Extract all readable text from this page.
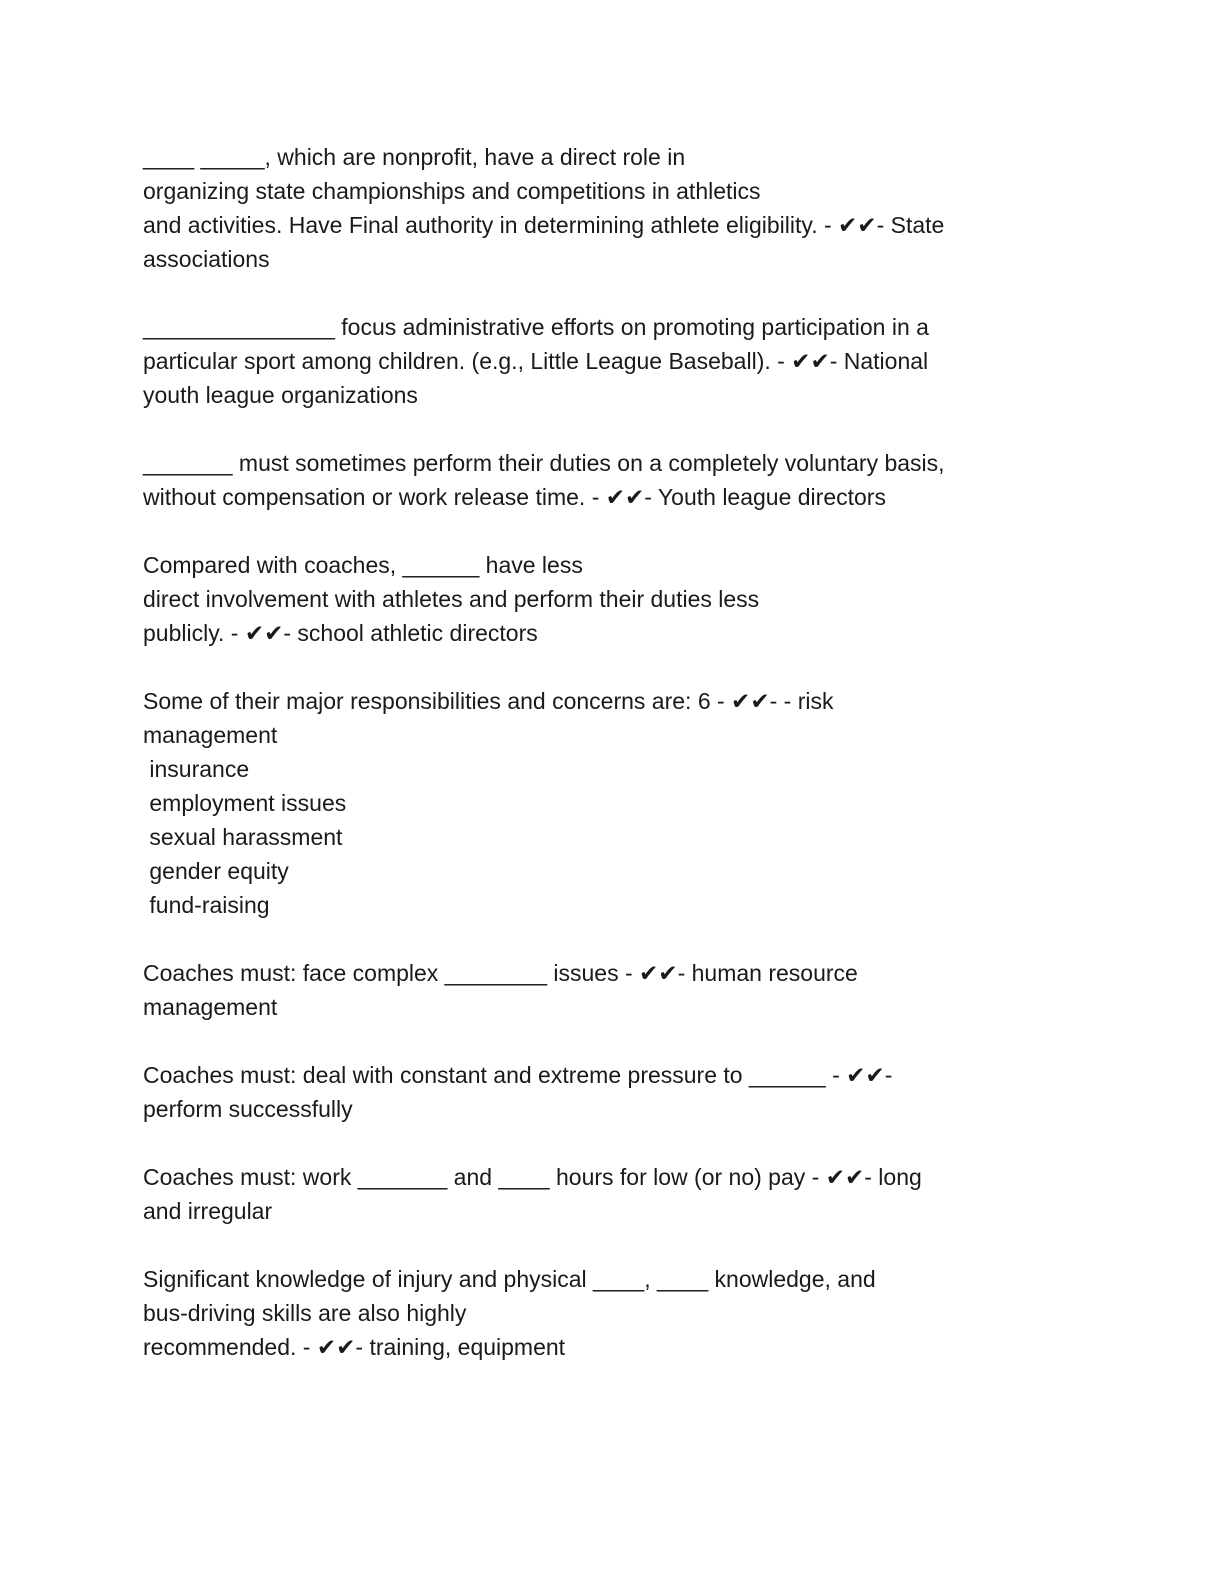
____ _____, which are nonprofit, have a direct role in
organizing state championships and competitions in athletics
and activities. Have Final authority in determining athlete eligibility. - ✔✔- State
associations
_______________ focus administrative efforts on promoting participation in a
particular sport among children. (e.g., Little League Baseball). - ✔✔- National
youth league organizations
_______ must sometimes perform their duties on a completely voluntary basis,
without compensation or work release time. - ✔✔- Youth league directors
Compared with coaches, ______ have less
direct involvement with athletes and perform their duties less
publicly. - ✔✔- school athletic directors
Some of their major responsibilities and concerns are: 6 - ✔✔- - risk
management
insurance
employment issues
sexual harassment
gender equity
fund-raising
Coaches must: face complex ________ issues - ✔✔- human resource
management
Coaches must: deal with constant and extreme pressure to ______ - ✔✔-
perform successfully
Coaches must: work _______ and ____ hours for low (or no) pay - ✔✔- long
and irregular
Significant knowledge of injury and physical ____, ____ knowledge, and
bus-driving skills are also highly
recommended. - ✔✔- training, equipment
